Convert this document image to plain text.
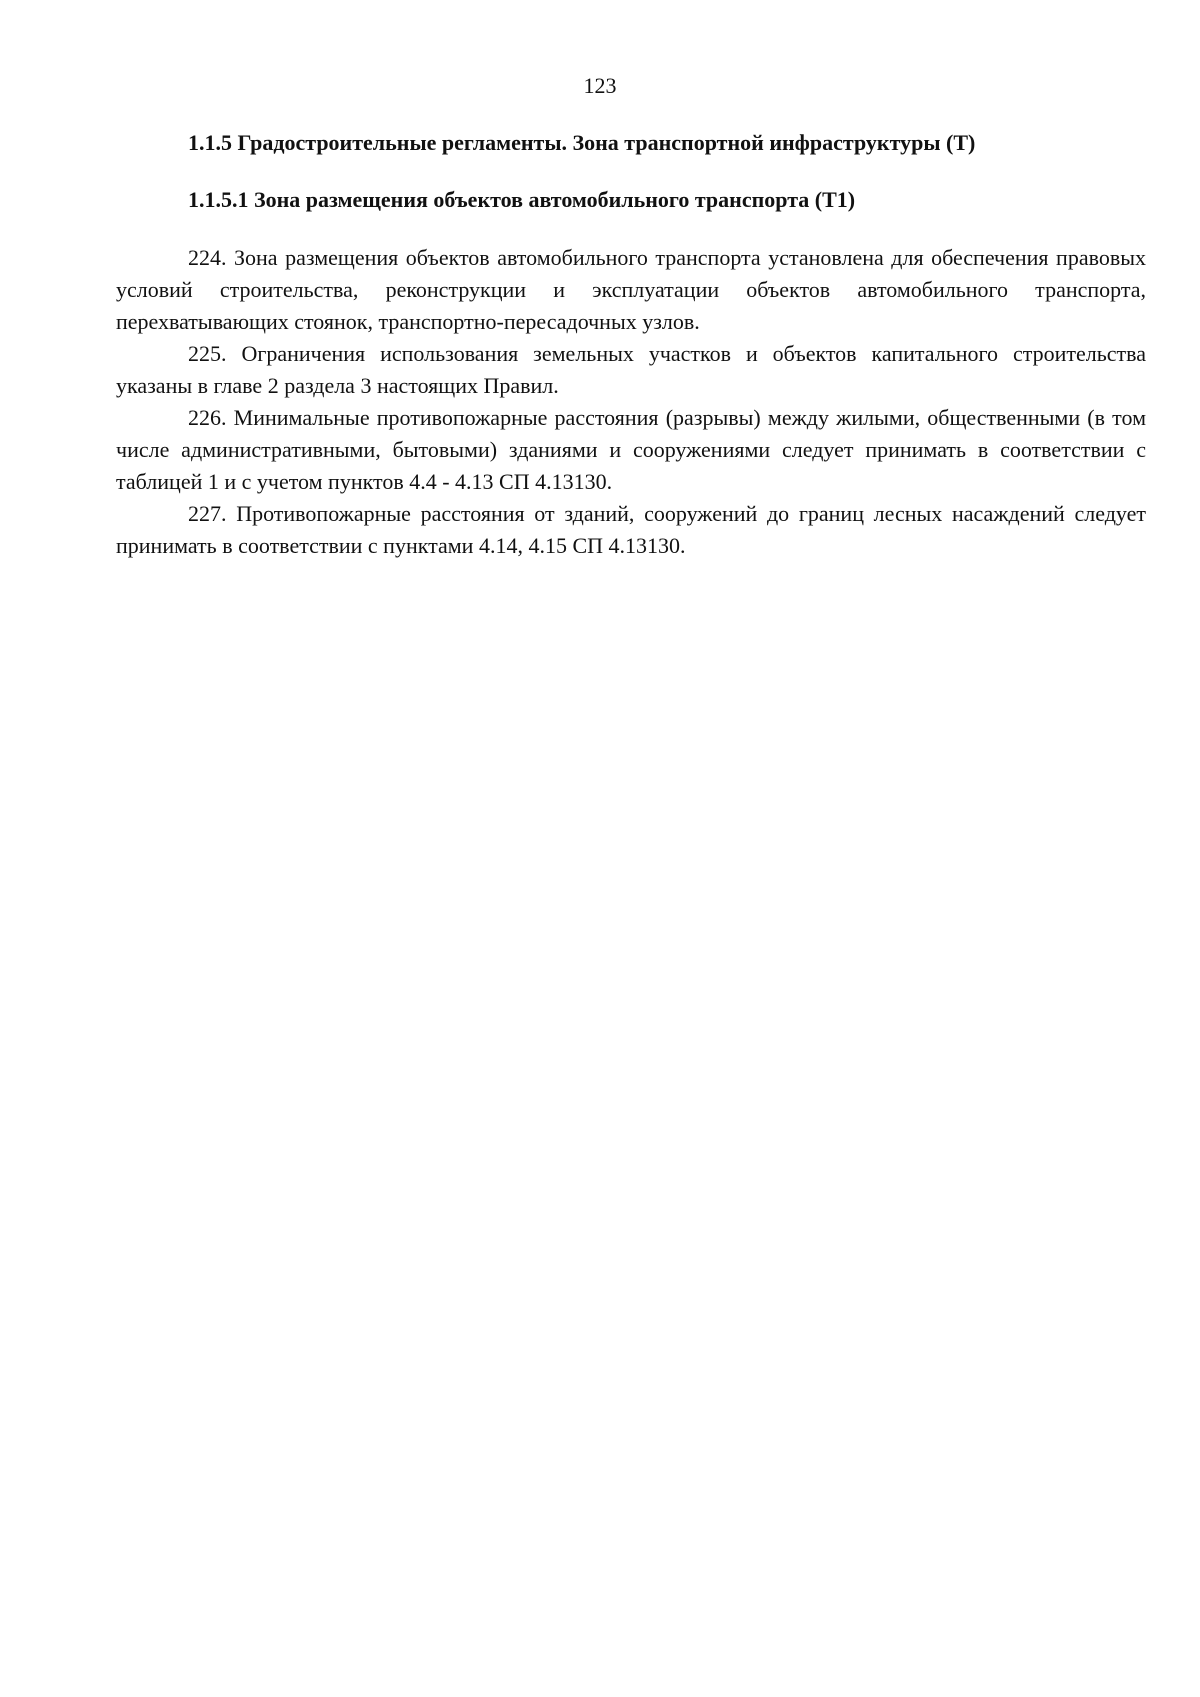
123
1.1.5 Градостроительные регламенты. Зона транспортной инфраструктуры (Т)
1.1.5.1 Зона размещения объектов автомобильного транспорта (Т1)

224. Зона размещения объектов автомобильного транспорта установлена для обеспечения правовых условий строительства, реконструкции и эксплуатации объектов автомобильного транспорта, перехватывающих стоянок, транспортно-пересадочных узлов.

225. Ограничения использования земельных участков и объектов капитального строительства указаны в главе 2 раздела 3 настоящих Правил.

226. Минимальные противопожарные расстояния (разрывы) между жилыми, общественными (в том числе административными, бытовыми) зданиями и сооружениями следует принимать в соответствии с таблицей 1 и с учетом пунктов 4.4 - 4.13 СП 4.13130.

227. Противопожарные расстояния от зданий, сооружений до границ лесных насаждений следует принимать в соответствии с пунктами 4.14, 4.15 СП 4.13130.
